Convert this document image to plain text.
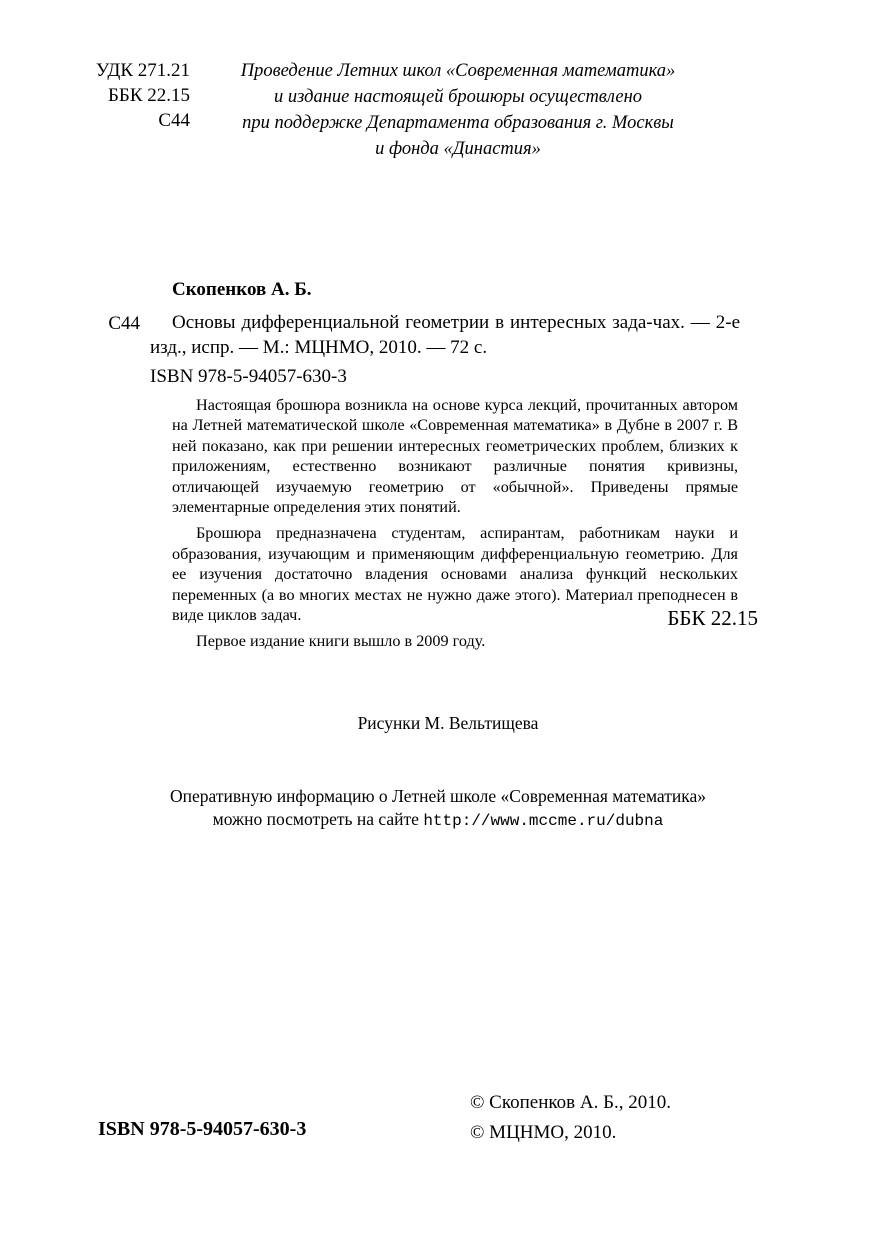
УДК 271.21
ББК 22.15
С44
Проведение Летних школ «Современная математика»
и издание настоящей брошюры осуществлено
при поддержке Департамента образования г. Москвы
и фонда «Династия»
Скопенков А. Б.
С44	Основы дифференциальной геометрии в интересных зада-чах. — 2-е изд., испр. — М.: МЦНМО, 2010. — 72 с.
ISBN 978-5-94057-630-3
Настоящая брошюра возникла на основе курса лекций, прочитанных автором на Летней математической школе «Современная математика» в Дубне в 2007 г. В ней показано, как при решении интересных геометрических проблем, близких к приложениям, естественно возникают различные понятия кривизны, отличающей изучаемую геометрию от «обычной». Приведены прямые элементарные определения этих понятий.
Брошюра предназначена студентам, аспирантам, работникам науки и образования, изучающим и применяющим дифференциальную геометрию. Для ее изучения достаточно владения основами анализа функций нескольких переменных (а во многих местах не нужно даже этого). Материал преподнесен в виде циклов задач.
Первое издание книги вышло в 2009 году.
ББК 22.15
Рисунки М. Вельтищева
Оперативную информацию о Летней школе «Современная математика»
можно посмотреть на сайте http://www.mccme.ru/dubna
ISBN 978-5-94057-630-3
© Скопенков А. Б., 2010.
© МЦНМО, 2010.
